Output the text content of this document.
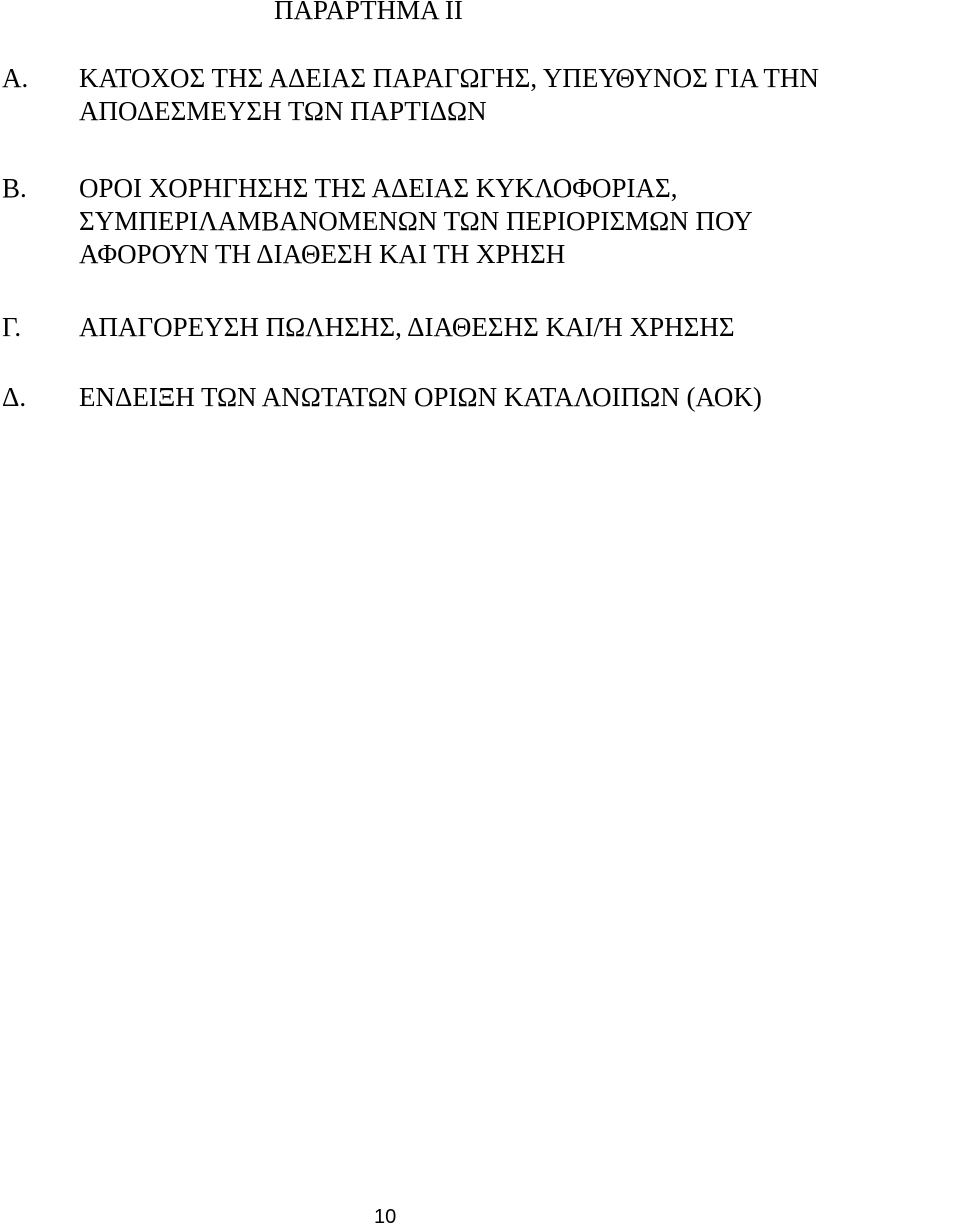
ΠΑΡΑΡΤΗΜΑ ΙΙ
Α. ΚΑΤΟΧΟΣ ΤΗΣ ΑΔΕΙΑΣ ΠΑΡΑΓΩΓΗΣ, ΥΠΕΥΘΥΝΟΣ ΓΙΑ ΤΗΝ
ΑΠΟΔΕΣΜΕΥΣΗ ΤΩΝ ΠΑΡΤΙΔΩΝ
Β. ΟΡΟΙ ΧΟΡΗΓΗΣΗΣ ΤΗΣ ΑΔΕΙΑΣ ΚΥΚΛΟΦΟΡΙΑΣ,
ΣΥΜΠΕΡΙΛΑΜΒΑΝΟΜΕΝΩΝ ΤΩΝ ΠΕΡΙΟΡΙΣΜΩΝ ΠΟΥ
ΑΦΟΡΟΥΝ ΤΗ ΔΙΑΘΕΣΗ ΚΑΙ ΤΗ ΧΡΗΣΗ
Γ. ΑΠΑΓΟΡΕΥΣΗ ΠΩΛΗΣΗΣ, ΔΙΑΘΕΣΗΣ ΚΑΙ/Ή ΧΡΗΣΗΣ
Δ. ΕΝΔΕΙΞΗ ΤΩΝ ΑΝΩΤΑΤΩΝ ΟΡΙΩΝ ΚΑΤΑΛΟΙΠΩΝ (ΑΟΚ)
10
